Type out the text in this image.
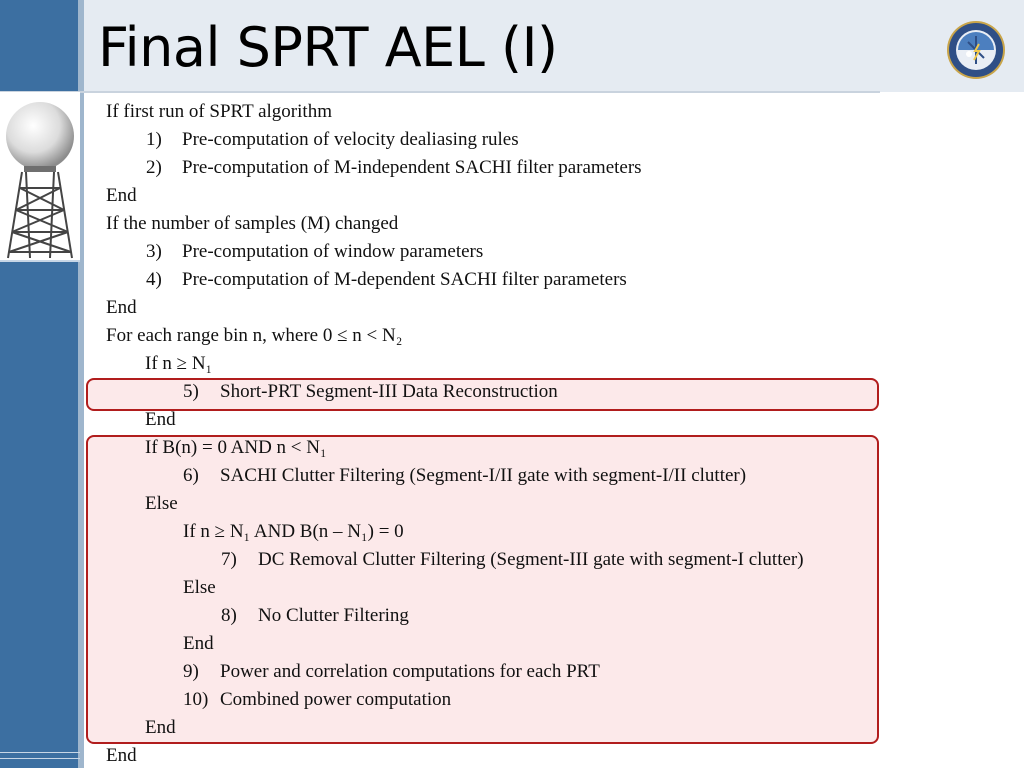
Final SPRT AEL (I)
If first run of SPRT algorithm
1) Pre-computation of velocity dealiasing rules
2) Pre-computation of M-independent SACHI filter parameters
End
If the number of samples (M) changed
3) Pre-computation of window parameters
4) Pre-computation of M-dependent SACHI filter parameters
End
For each range bin n, where 0 ≤ n < N₂
If n ≥ N₁
5) Short-PRT Segment-III Data Reconstruction
End
If B(n) = 0 AND n < N₁
6) SACHI Clutter Filtering (Segment-I/II gate with segment-I/II clutter)
Else
If n ≥ N₁ AND B(n – N₁) = 0
7) DC Removal Clutter Filtering (Segment-III gate with segment-I clutter)
Else
8) No Clutter Filtering
End
9) Power and correlation computations for each PRT
10) Combined power computation
End
End
